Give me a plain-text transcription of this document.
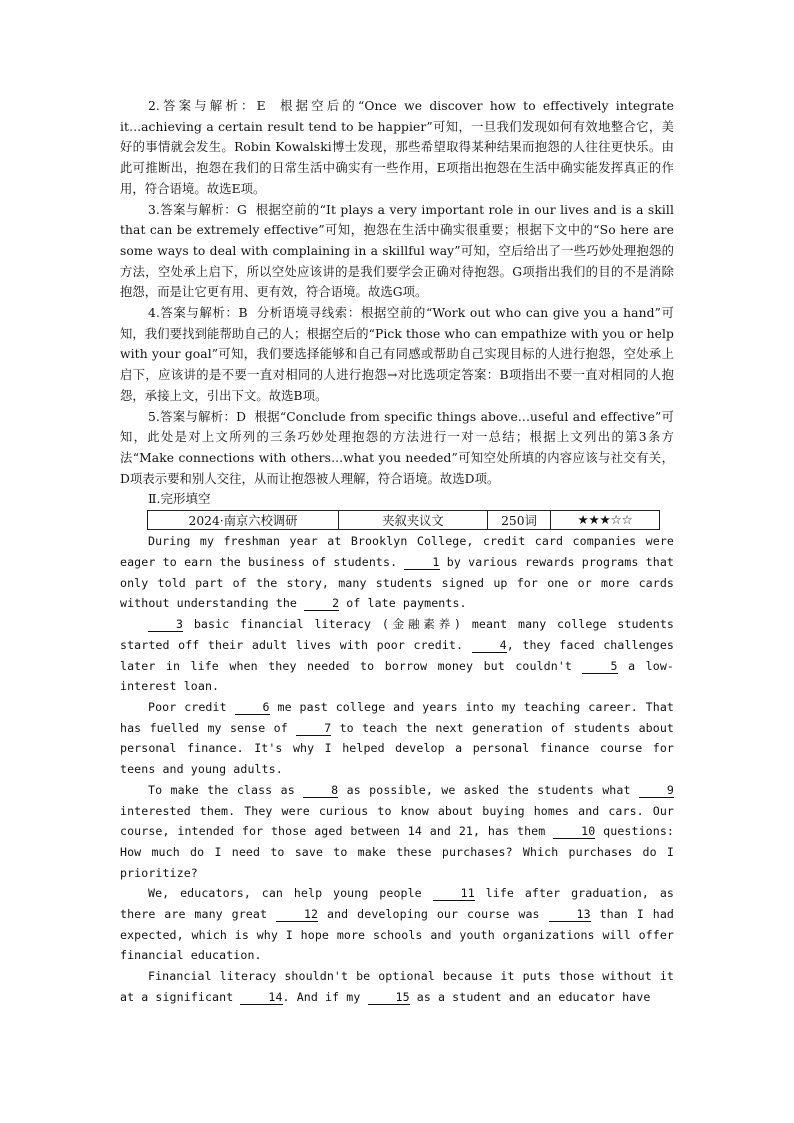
2.答案与解析：E 根据空后的“Once we discover how to effectively integrate it...achieving a certain result tend to be happier”可知，一旦我们发现如何有效地整合它，美好的事情就会发生。Robin Kowalski博士发现，那些希望取得某种结果而抱怨的人往往更快乐。由此可推断出，抱怨在我们的日常生活中确实有一些作用，E项指出抱怨在生活中确实能发挥真正的作用，符合语境。故选E项。

3.答案与解析：G 根据空前的“It plays a very important role in our lives and is a skill that can be extremely effective”可知，抱怨在生活中确实很重要；根据下文中的“So here are some ways to deal with complaining in a skillful way”可知，空后给出了一些巧妙处理抱怨的方法，空处承上启下，所以空处应该讲的是我们要学会正确对待抱怨。G项指出我们的目的不是消除抱怨，而是让它更有用、更有效，符合语境。故选G项。

4.答案与解析：B 分析语境寻线索：根据空前的“Work out who can give you a hand”可知，我们要找到能帮助自己的人；根据空后的“Pick those who can empathize with you or help with your goal”可知，我们要选择能够和自己有同感或帮助自己实现目标的人进行抱怨，空处承上启下，应该讲的是不要一直对相同的人进行抱怨→对比选项定答案：B项指出不要一直对相同的人抱怨，承接上文，引出下文。故选B项。

5.答案与解析：D 根据“Conclude from specific things above...useful and effective”可知，此处是对上文所列的三条巧妙处理抱怨的方法进行一对一总结；根据上文列出的第3条方法“Make connections with others...what you needed”可知空处所填的内容应该与社交有关，D项表示要和别人交往，从而让抱怨被人理解，符合语境。故选D项。

Ⅱ.完形填空
2024·南京六校调研	夹叙夹议文	250词	★★★☆☆

During my freshman year at Brooklyn College, credit card companies were eager to earn the business of students. 1 by various rewards programs that only told part of the story, many students signed up for one or more cards without understanding the 2 of late payments.

3 basic financial literacy (金融素养) meant many college students started off their adult lives with poor credit. 4, they faced challenges later in life when they needed to borrow money but couldn't 5 a low-interest loan.

Poor credit 6 me past college and years into my teaching career. That has fuelled my sense of 7 to teach the next generation of students about personal finance. It's why I helped develop a personal finance course for teens and young adults.

To make the class as 8 as possible, we asked the students what 9 interested them. They were curious to know about buying homes and cars. Our course, intended for those aged between 14 and 21, has them 10 questions: How much do I need to save to make these purchases? Which purchases do I prioritize?

We, educators, can help young people 11 life after graduation, as there are many great 12 and developing our course was 13 than I had expected, which is why I hope more schools and youth organizations will offer financial education.

Financial literacy shouldn't be optional because it puts those without it at a significant 14. And if my 15 as a student and an educator have
